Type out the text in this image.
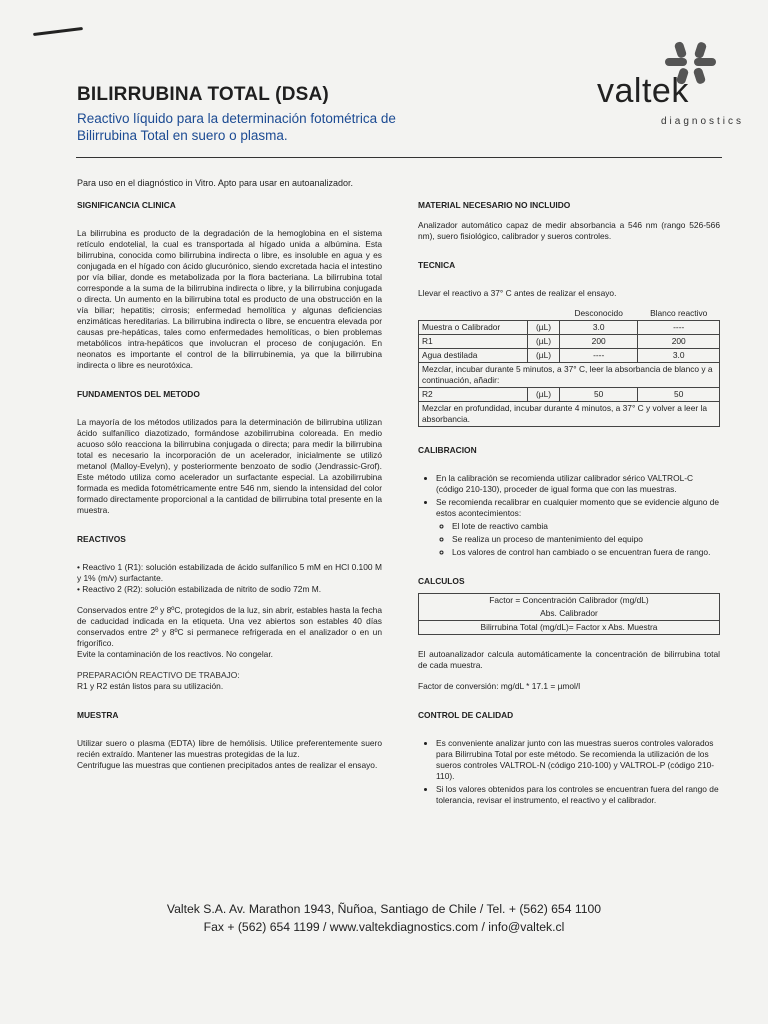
BILIRRUBINA TOTAL (DSA)
Reactivo líquido para la determinación fotométrica de Bilirrubina Total en suero o plasma.
valtek
diagnostics
Para uso en el diagnóstico in Vitro. Apto para usar en autoanalizador.
SIGNIFICANCIA CLINICA

La bilirrubina es producto de la degradación de la hemoglobina en el sistema retículo endotelial, la cual es transportada al hígado unida a albúmina. Esta bilirrubina, conocida como bilirrubina indirecta o libre, es insoluble en agua y es conjugada en el hígado con ácido glucurónico, siendo excretada hacia el intestino por vía biliar, donde es metabolizada por la flora bacteriana. La bilirrubina total corresponde a la suma de la bilirrubina indirecta o libre, y la bilirrubina conjugada o directa. Un aumento en la bilirrubina total es producto de una obstrucción en la vía biliar; hepatitis; cirrosis; enfermedad hemolítica y algunas deficiencias enzimáticas hereditarias. La bilirrubina indirecta o libre, se encuentra elevada por causas pre-hepáticas, tales como enfermedades hemolíticas, o bien problemas metabólicos intra-hepáticos que involucran el proceso de conjugación. En neonatos es importante el control de la bilirrubinemia, ya que la bilirrubina indirecta o libre es neurotóxica.

FUNDAMENTOS DEL METODO

La mayoría de los métodos utilizados para la determinación de bilirrubina utilizan ácido sulfanílico diazotizado, formándose azobilirrubina coloreada. En medio acuoso sólo reacciona la bilirrubina conjugada o directa; para medir la bilirrubina total es necesario la incorporación de un acelerador, inicialmente se utilizó metanol (Malloy-Evelyn), y posteriormente benzoato de sodio (Jendrassic-Grof). Este método utiliza como acelerador un surfactante especial. La azobilirrubina formada es medida fotométricamente entre 546 nm, siendo la intensidad del color formado directamente proporcional a la cantidad de bilirrubina total presente en la muestra.

REACTIVOS

• Reactivo 1 (R1): solución estabilizada de ácido sulfanílico 5 mM en HCl 0.100 M y 1% (m/v) surfactante.

• Reactivo 2 (R2): solución estabilizada de nitrito de sodio 72m M.

Conservados entre 2º y 8ºC, protegidos de la luz, sin abrir, estables hasta la fecha de caducidad indicada en la etiqueta. Una vez abiertos son estables 40 días conservados entre 2º y 8ºC si permanece refrigerada en el analizador o en un frigorífico.

Evite la contaminación de los reactivos. No congelar.

PREPARACIÓN REACTIVO DE TRABAJO:
R1 y R2 están listos para su utilización.
MUESTRA

Utilizar suero o plasma (EDTA) libre de hemólisis. Utilice preferentemente suero recién extraído. Mantener las muestras protegidas de la luz.

Centrifugue las muestras que contienen precipitados antes de realizar el ensayo.

MATERIAL NECESARIO NO INCLUIDO

Analizador automático capaz de medir absorbancia a 546 nm (rango 526-566 nm), suero fisiológico, calibrador y sueros controles.

TECNICA
Llevar el reactivo a 37° C antes de realizar el ensayo.
		Desconocido	Blanco reactivo
Muestra o Calibrador	(µL)	3.0	----
R1	(µL)	200	200
Agua destilada	(µL)	----	3.0
Mezclar, incubar durante 5 minutos, a 37° C, leer la absorbancia de blanco y a continuación, añadir:			
R2	(µL)	50	50
Mezclar en profundidad, incubar durante 4 minutos, a 37° C y volver a leer la absorbancia.			
CALIBRACION
• En la calibración se recomienda utilizar calibrador sérico VALTROL-C (código 210-130), proceder de igual forma que con las muestras.
• Se recomienda recalibrar en cualquier momento que se evidencie alguno de estos acontecimientos:
◦ El lote de reactivo cambia
◦ Se realiza un proceso de mantenimiento del equipo
◦ Los valores de control han cambiado o se encuentran fuera de rango.
CALCULOS
Factor = Concentración Calibrador (mg/dL)
Abs. Calibrador
Bilirrubina Total (mg/dL)= Factor x Abs. Muestra

El autoanalizador calcula automáticamente la concentración de bilirrubina total de cada muestra.

Factor de conversión: mg/dL * 17.1 = µmol/l
CONTROL DE CALIDAD
• Es conveniente analizar junto con las muestras sueros controles valorados para Bilirrubina Total por este método. Se recomienda la utilización de los sueros controles VALTROL-N (código 210-100) y VALTROL-P (código 210-110).
• Si los valores obtenidos para los controles se encuentran fuera del rango de tolerancia, revisar el instrumento, el reactivo y el calibrador.
Valtek S.A. Av. Marathon 1943, Ñuñoa, Santiago de Chile / Tel. + (562) 654 1100
Fax + (562) 654 1199 / www.valtekdiagnostics.com / info@valtek.cl
